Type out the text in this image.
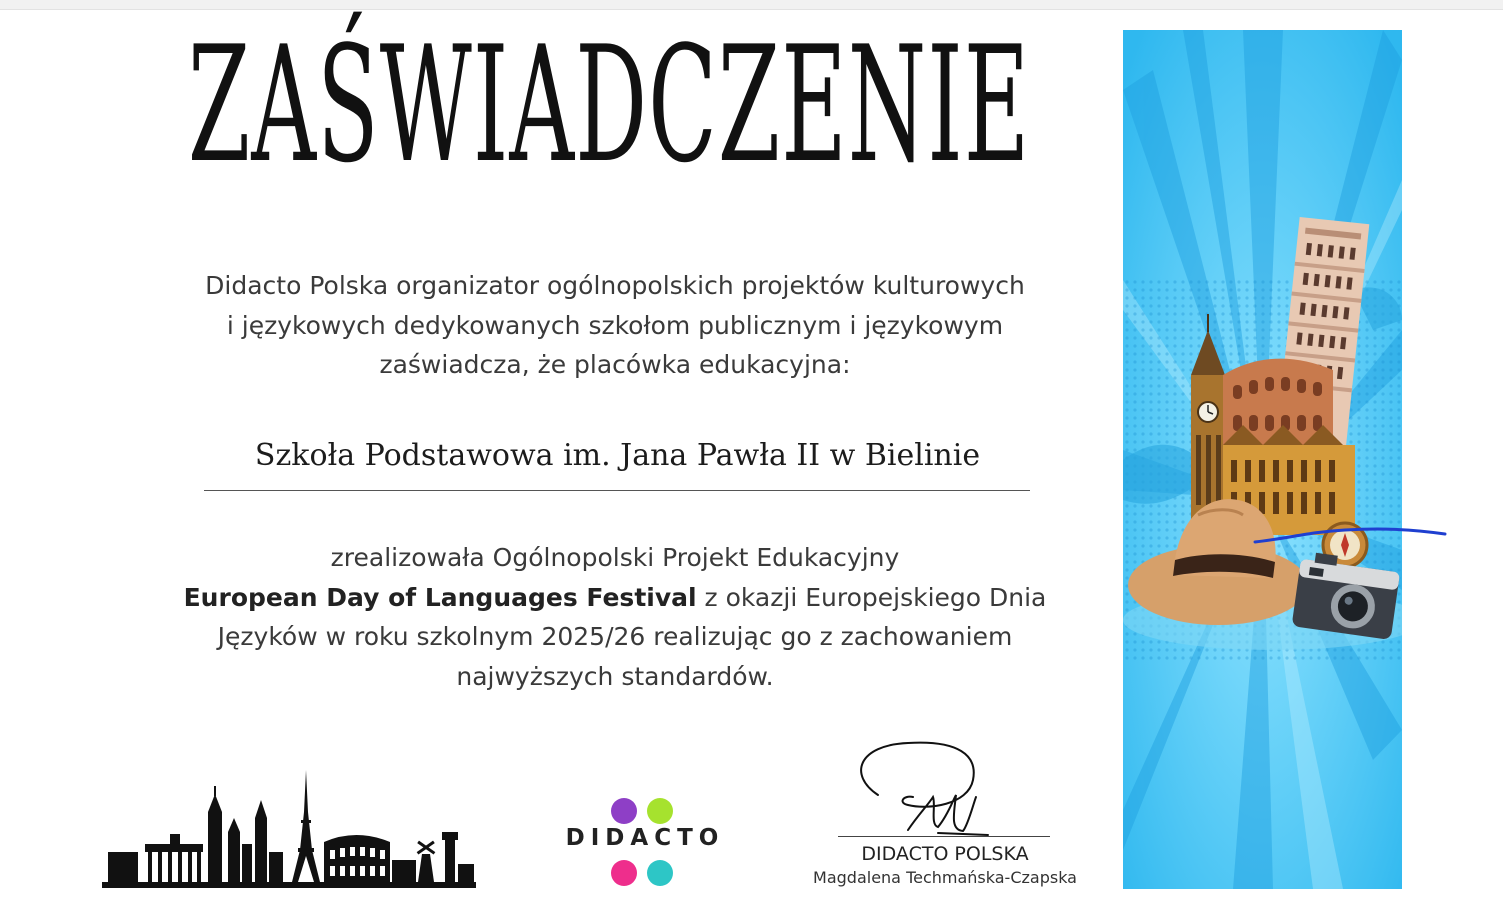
ZAŚWIADCZENIE
Didacto Polska organizator ogólnopolskich projektów kulturowych
i językowych dedykowanych szkołom publicznym i językowym
zaświadcza, że placówka edukacyjna:
Szkoła Podstawowa im. Jana Pawła II w Bielinie
zrealizowała Ogólnopolski Projekt Edukacyjny
European Day of Languages Festival z okazji Europejskiego Dnia
Języków w roku szkolnym 2025/26 realizując go z zachowaniem
najwyższych standardów.
DIDACTO
DIDACTO POLSKA
Magdalena Techmańska-Czapska
